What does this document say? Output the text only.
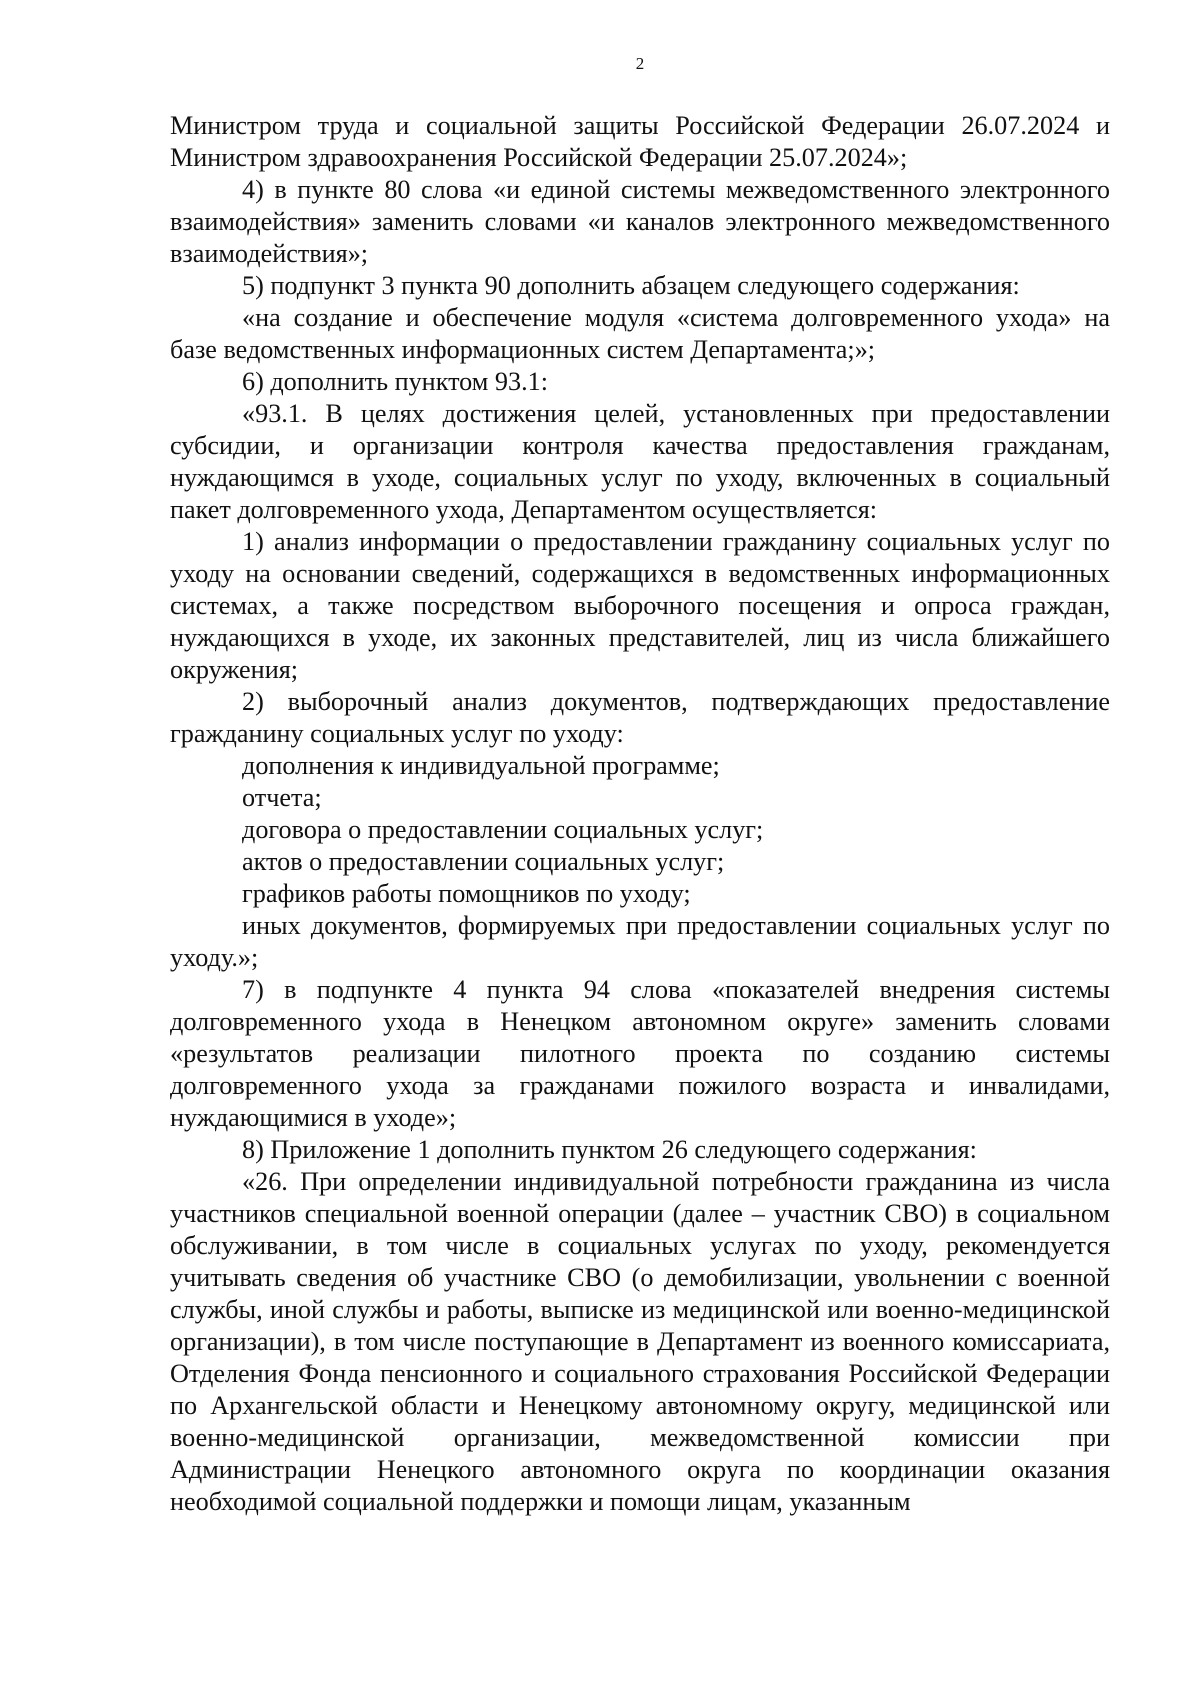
2

Министром труда и социальной защиты Российской Федерации 26.07.2024 и Министром здравоохранения Российской Федерации 25.07.2024»;

4) в пункте 80 слова «и единой системы межведомственного электронного взаимодействия» заменить словами «и каналов электронного межведомственного взаимодействия»;

5) подпункт 3 пункта 90 дополнить абзацем следующего содержания:

«на создание и обеспечение модуля «система долговременного ухода» на базе ведомственных информационных систем Департамента;»;

6) дополнить пунктом 93.1:

«93.1. В целях достижения целей, установленных при предоставлении субсидии, и организации контроля качества предоставления гражданам, нуждающимся в уходе, социальных услуг по уходу, включенных в социальный пакет долговременного ухода, Департаментом осуществляется:

1) анализ информации о предоставлении гражданину социальных услуг по уходу на основании сведений, содержащихся в ведомственных информационных системах, а также посредством выборочного посещения и опроса граждан, нуждающихся в уходе, их законных представителей, лиц из числа ближайшего окружения;

2) выборочный анализ документов, подтверждающих предоставление гражданину социальных услуг по уходу:

дополнения к индивидуальной программе;

отчета;

договора о предоставлении социальных услуг;

актов о предоставлении социальных услуг;

графиков работы помощников по уходу;

иных документов, формируемых при предоставлении социальных услуг по уходу.»;

7) в подпункте 4 пункта 94 слова «показателей внедрения системы долговременного ухода в Ненецком автономном округе» заменить словами «результатов реализации пилотного проекта по созданию системы долговременного ухода за гражданами пожилого возраста и инвалидами, нуждающимися в уходе»;

8) Приложение 1 дополнить пунктом 26 следующего содержания:

«26. При определении индивидуальной потребности гражданина из числа участников специальной военной операции (далее – участник СВО) в социальном обслуживании, в том числе в социальных услугах по уходу, рекомендуется учитывать сведения об участнике СВО (о демобилизации, увольнении с военной службы, иной службы и работы, выписке из медицинской или военно-медицинской организации), в том числе поступающие в Департамент из военного комиссариата, Отделения Фонда пенсионного и социального страхования Российской Федерации по Архангельской области и Ненецкому автономному округу, медицинской или военно-медицинской организации, межведомственной комиссии при Администрации Ненецкого автономного округа по координации оказания необходимой социальной поддержки и помощи лицам, указанным
